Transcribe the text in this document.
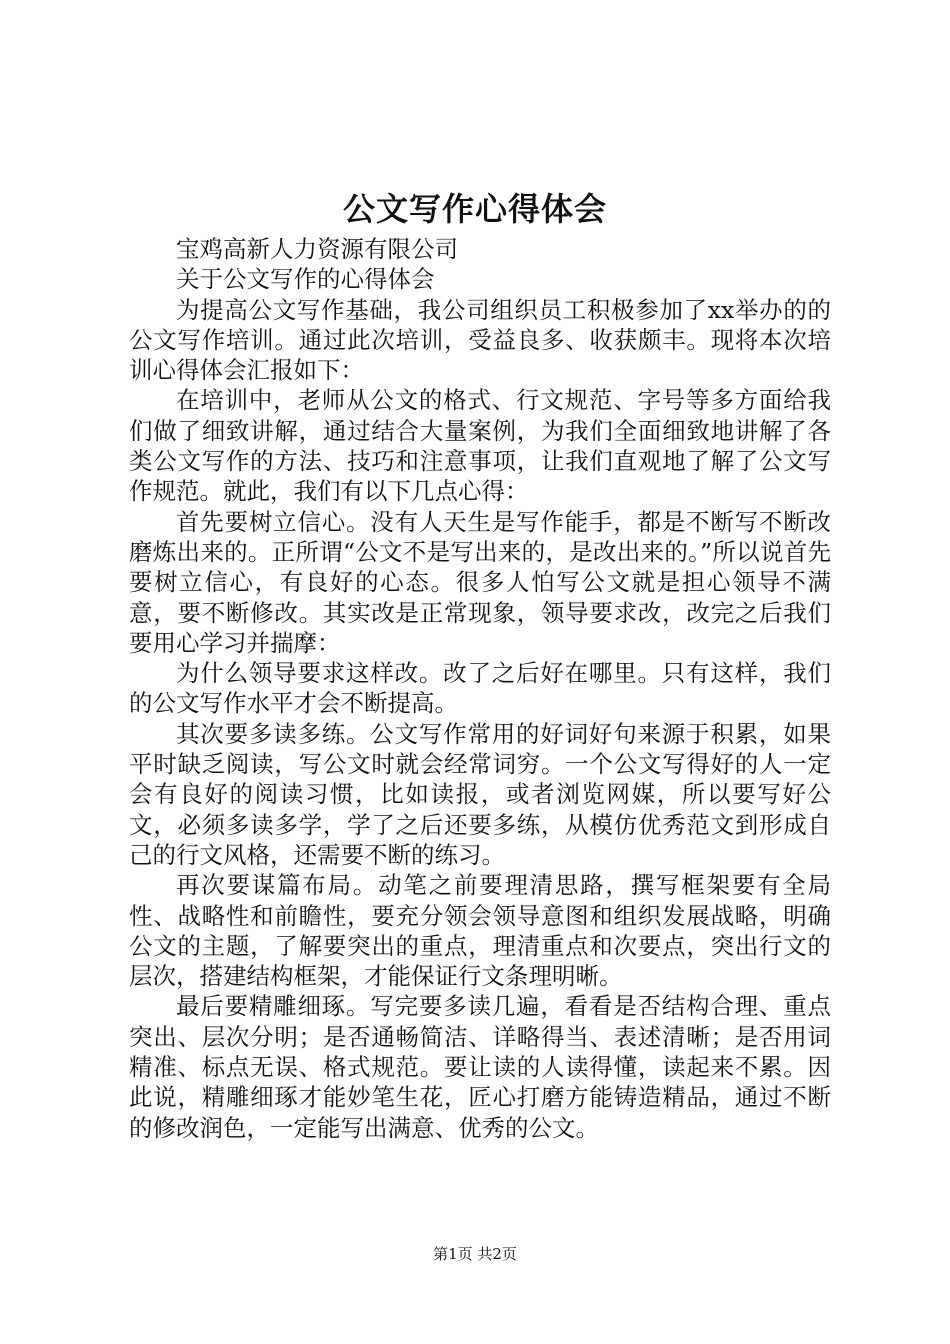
公文写作心得体会

宝鸡高新人力资源有限公司

关于公文写作的心得体会

为提高公文写作基础，我公司组织员工积极参加了xx举办的的公文写作培训。通过此次培训，受益良多、收获颇丰。现将本次培训心得体会汇报如下：

在培训中，老师从公文的格式、行文规范、字号等多方面给我们做了细致讲解，通过结合大量案例，为我们全面细致地讲解了各类公文写作的方法、技巧和注意事项，让我们直观地了解了公文写作规范。就此，我们有以下几点心得：

首先要树立信心。没有人天生是写作能手，都是不断写不断改磨炼出来的。正所谓“公文不是写出来的，是改出来的。”所以说首先要树立信心，有良好的心态。很多人怕写公文就是担心领导不满意，要不断修改。其实改是正常现象，领导要求改，改完之后我们要用心学习并揣摩：

为什么领导要求这样改。改了之后好在哪里。只有这样，我们的公文写作水平才会不断提高。

其次要多读多练。公文写作常用的好词好句来源于积累，如果平时缺乏阅读，写公文时就会经常词穷。一个公文写得好的人一定会有良好的阅读习惯，比如读报，或者浏览网媒，所以要写好公文，必须多读多学，学了之后还要多练，从模仿优秀范文到形成自己的行文风格，还需要不断的练习。

再次要谋篇布局。动笔之前要理清思路，撰写框架要有全局性、战略性和前瞻性，要充分领会领导意图和组织发展战略，明确公文的主题，了解要突出的重点，理清重点和次要点，突出行文的层次，搭建结构框架，才能保证行文条理明晰。

最后要精雕细琢。写完要多读几遍，看看是否结构合理、重点突出、层次分明；是否通畅简洁、详略得当、表述清晰；是否用词精准、标点无误、格式规范。要让读的人读得懂，读起来不累。因此说，精雕细琢才能妙笔生花，匠心打磨方能铸造精品，通过不断的修改润色，一定能写出满意、优秀的公文。

第1页 共2页
